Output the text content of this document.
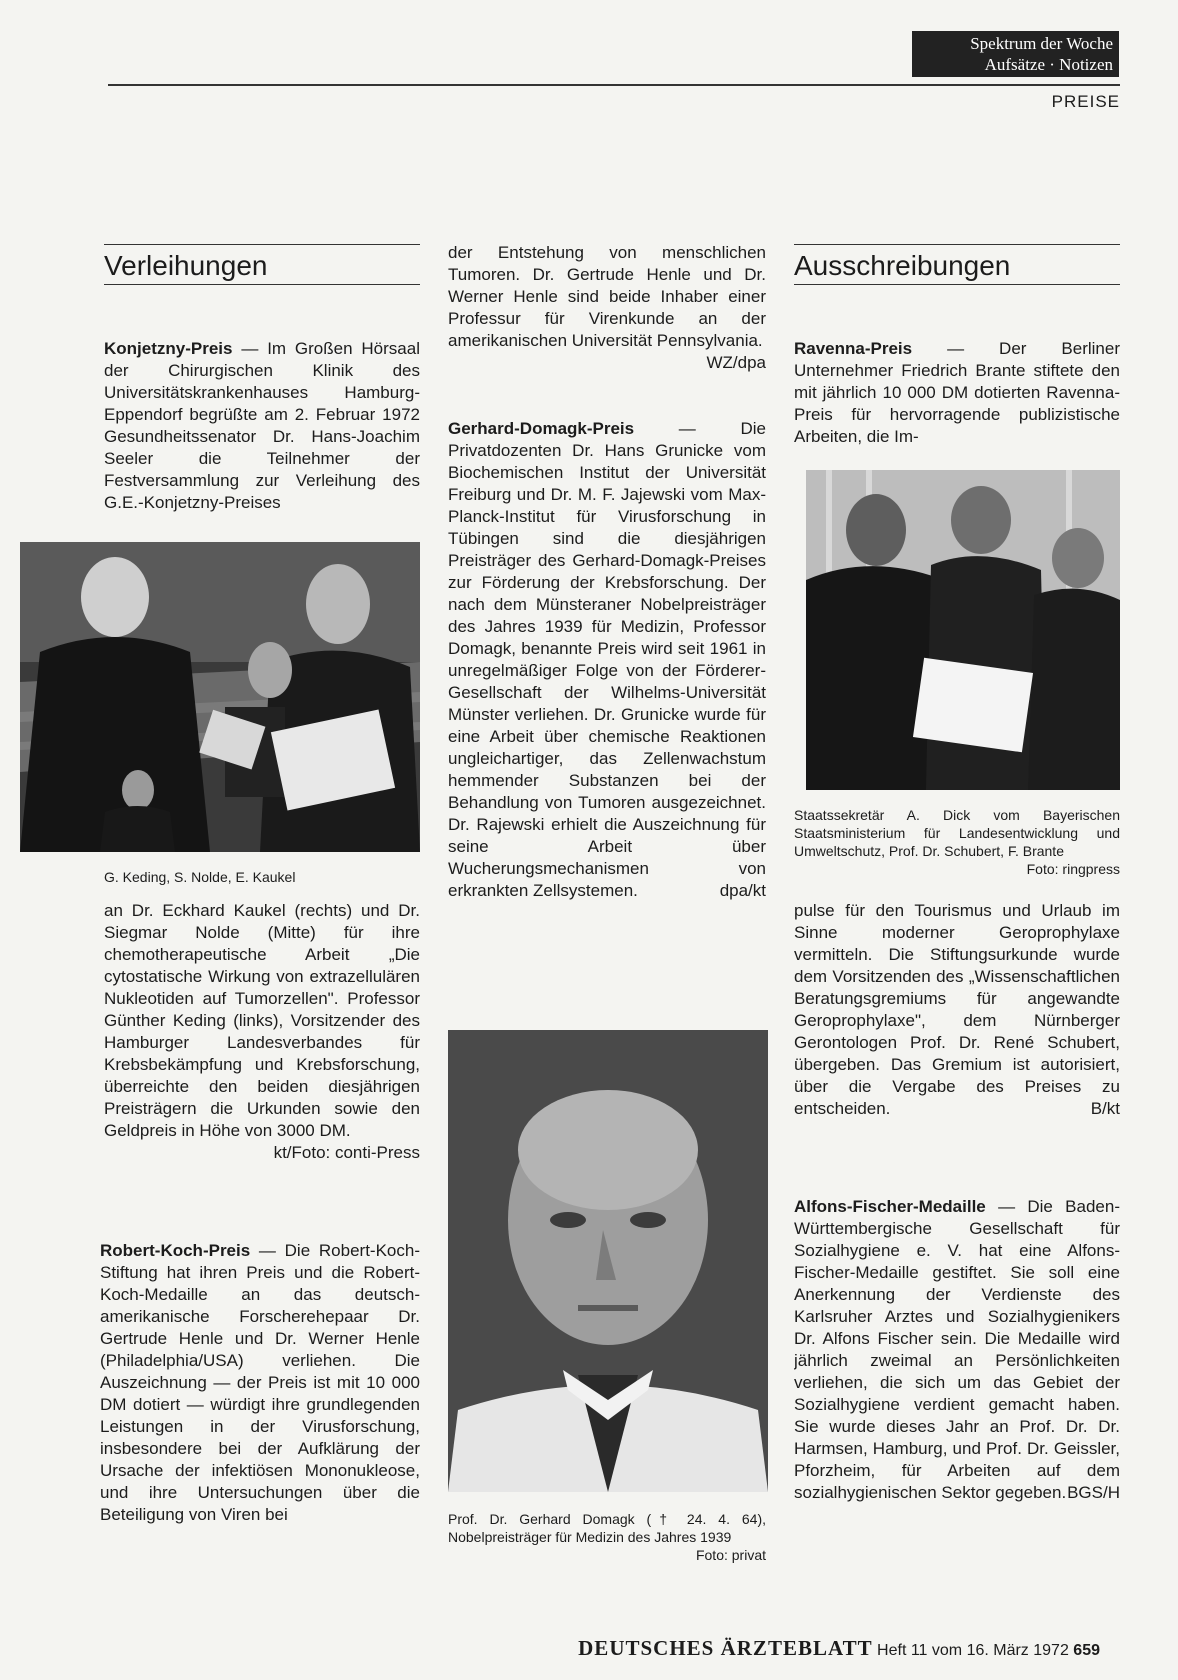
Spektrum der Woche
Aufsätze · Notizen
PREISE
Verleihungen

Konjetzny-Preis — Im Großen Hörsaal der Chirurgischen Klinik des Universitätskrankenhauses Hamburg-Eppendorf begrüßte am 2. Februar 1972 Gesundheitssenator Dr. Hans-Joachim Seeler die Teilnehmer der Festversammlung zur Verleihung des G.E.-Konjetzny-Preises

G. Keding, S. Nolde, E. Kaukel

an Dr. Eckhard Kaukel (rechts) und Dr. Siegmar Nolde (Mitte) für ihre chemotherapeutische Arbeit „Die cytostatische Wirkung von extrazellulären Nukleotiden auf Tumorzellen". Professor Günther Keding (links), Vorsitzender des Hamburger Landesverbandes für Krebsbekämpfung und Krebsforschung, überreichte den beiden diesjährigen Preisträgern die Urkunden sowie den Geldpreis in Höhe von 3000 DM.
kt/Foto: conti-Press

Robert-Koch-Preis — Die Robert-Koch-Stiftung hat ihren Preis und die Robert-Koch-Medaille an das deutsch-amerikanische Forscherehepaar Dr. Gertrude Henle und Dr. Werner Henle (Philadelphia/USA) verliehen. Die Auszeichnung — der Preis ist mit 10 000 DM dotiert — würdigt ihre grundlegenden Leistungen in der Virusforschung, insbesondere bei der Aufklärung der Ursache der infektiösen Mononukleose, und ihre Untersuchungen über die Beteiligung von Viren bei

der Entstehung von menschlichen Tumoren. Dr. Gertrude Henle und Dr. Werner Henle sind beide Inhaber einer Professur für Virenkunde an der amerikanischen Universität Pennsylvania.
WZ/dpa

Gerhard-Domagk-Preis — Die Privatdozenten Dr. Hans Grunicke vom Biochemischen Institut der Universität Freiburg und Dr. M. F. Jajewski vom Max-Planck-Institut für Virusforschung in Tübingen sind die diesjährigen Preisträger des Gerhard-Domagk-Preises zur Förderung der Krebsforschung. Der nach dem Münsteraner Nobelpreisträger des Jahres 1939 für Medizin, Professor Domagk, benannte Preis wird seit 1961 in unregelmäßiger Folge von der Förderer-Gesellschaft der Wilhelms-Universität Münster verliehen. Dr. Grunicke wurde für eine Arbeit über chemische Reaktionen ungleichartiger, das Zellenwachstum hemmender Substanzen bei der Behandlung von Tumoren ausgezeichnet. Dr. Rajewski erhielt die Auszeichnung für seine Arbeit über Wucherungsmechanismen von erkrankten Zellsystemen.	dpa/kt

Prof. Dr. Gerhard Domagk († 24. 4. 64), Nobelpreisträger für Medizin des Jahres 1939
Foto: privat
Ausschreibungen

Ravenna-Preis — Der Berliner Unternehmer Friedrich Brante stiftete den mit jährlich 10 000 DM dotierten Ravenna-Preis für hervorragende publizistische Arbeiten, die Im-

Staatssekretär A. Dick vom Bayerischen Staatsministerium für Landesentwicklung und Umweltschutz, Prof. Dr. Schubert, F. Brante
Foto: ringpress

pulse für den Tourismus und Urlaub im Sinne moderner Geroprophylaxe vermitteln. Die Stiftungsurkunde wurde dem Vorsitzenden des „Wissenschaftlichen Beratungsgremiums für angewandte Geroprophylaxe", dem Nürnberger Gerontologen Prof. Dr. René Schubert, übergeben. Das Gremium ist autorisiert, über die Vergabe des Preises zu entscheiden.	B/kt

Alfons-Fischer-Medaille — Die Baden-Württembergische Gesellschaft für Sozialhygiene e. V. hat eine Alfons-Fischer-Medaille gestiftet. Sie soll eine Anerkennung der Verdienste des Karlsruher Arztes und Sozialhygienikers Dr. Alfons Fischer sein. Die Medaille wird jährlich zweimal an Persönlichkeiten verliehen, die sich um das Gebiet der Sozialhygiene verdient gemacht haben. Sie wurde dieses Jahr an Prof. Dr. Dr. Harmsen, Hamburg, und Prof. Dr. Geissler, Pforzheim, für Arbeiten auf dem sozialhygienischen Sektor gegeben. BGS/H

DEUTSCHES ÄRZTEBLATT Heft 11 vom 16. März 1972 659
